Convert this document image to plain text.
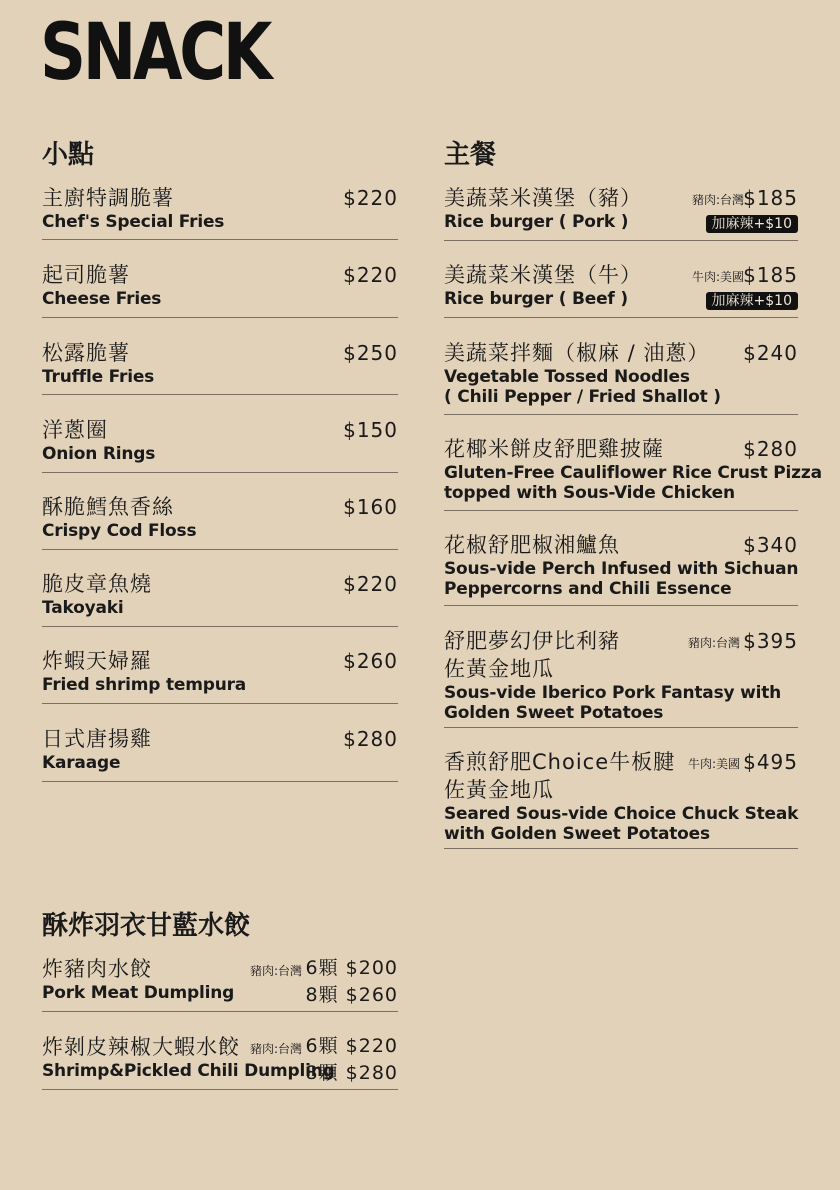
SNACK
小點
主廚特調脆薯
Chef's Special Fries
$220
起司脆薯
Cheese Fries
$220
松露脆薯
Truffle Fries
$250
洋蔥圈
Onion Rings
$150
酥脆鱈魚香絲
Crispy Cod Floss
$160
脆皮章魚燒
Takoyaki
$220
炸蝦天婦羅
Fried shrimp tempura
$260
日式唐揚雞
Karaage
$280
主餐
美蔬菜米漢堡（豬）
Rice burger ( Pork )
豬肉:台灣 $185
加麻辣+$10
美蔬菜米漢堡（牛）
Rice burger ( Beef )
牛肉:美國 $185
加麻辣+$10
美蔬菜拌麵（椒麻 / 油蔥）
Vegetable Tossed Noodles
( Chili Pepper / Fried Shallot )
$240
花椰米餅皮舒肥雞披薩
Gluten-Free Cauliflower Rice Crust Pizza
topped with Sous-Vide Chicken
$280
花椒舒肥椒湘鱸魚
Sous-vide Perch Infused with Sichuan
Peppercorns and Chili Essence
$340
舒肥夢幻伊比利豬
佐黃金地瓜
Sous-vide Iberico Pork Fantasy with
Golden Sweet Potatoes
豬肉:台灣 $395
香煎舒肥Choice牛板腱
佐黃金地瓜
Seared Sous-vide Choice Chuck Steak
with Golden Sweet Potatoes
牛肉:美國 $495
酥炸羽衣甘藍水餃
炸豬肉水餃
Pork Meat Dumpling
豬肉:台灣 6顆 $200
8顆 $260
炸剝皮辣椒大蝦水餃
Shrimp&Pickled Chili Dumpling
豬肉:台灣 6顆 $220
8顆 $280
